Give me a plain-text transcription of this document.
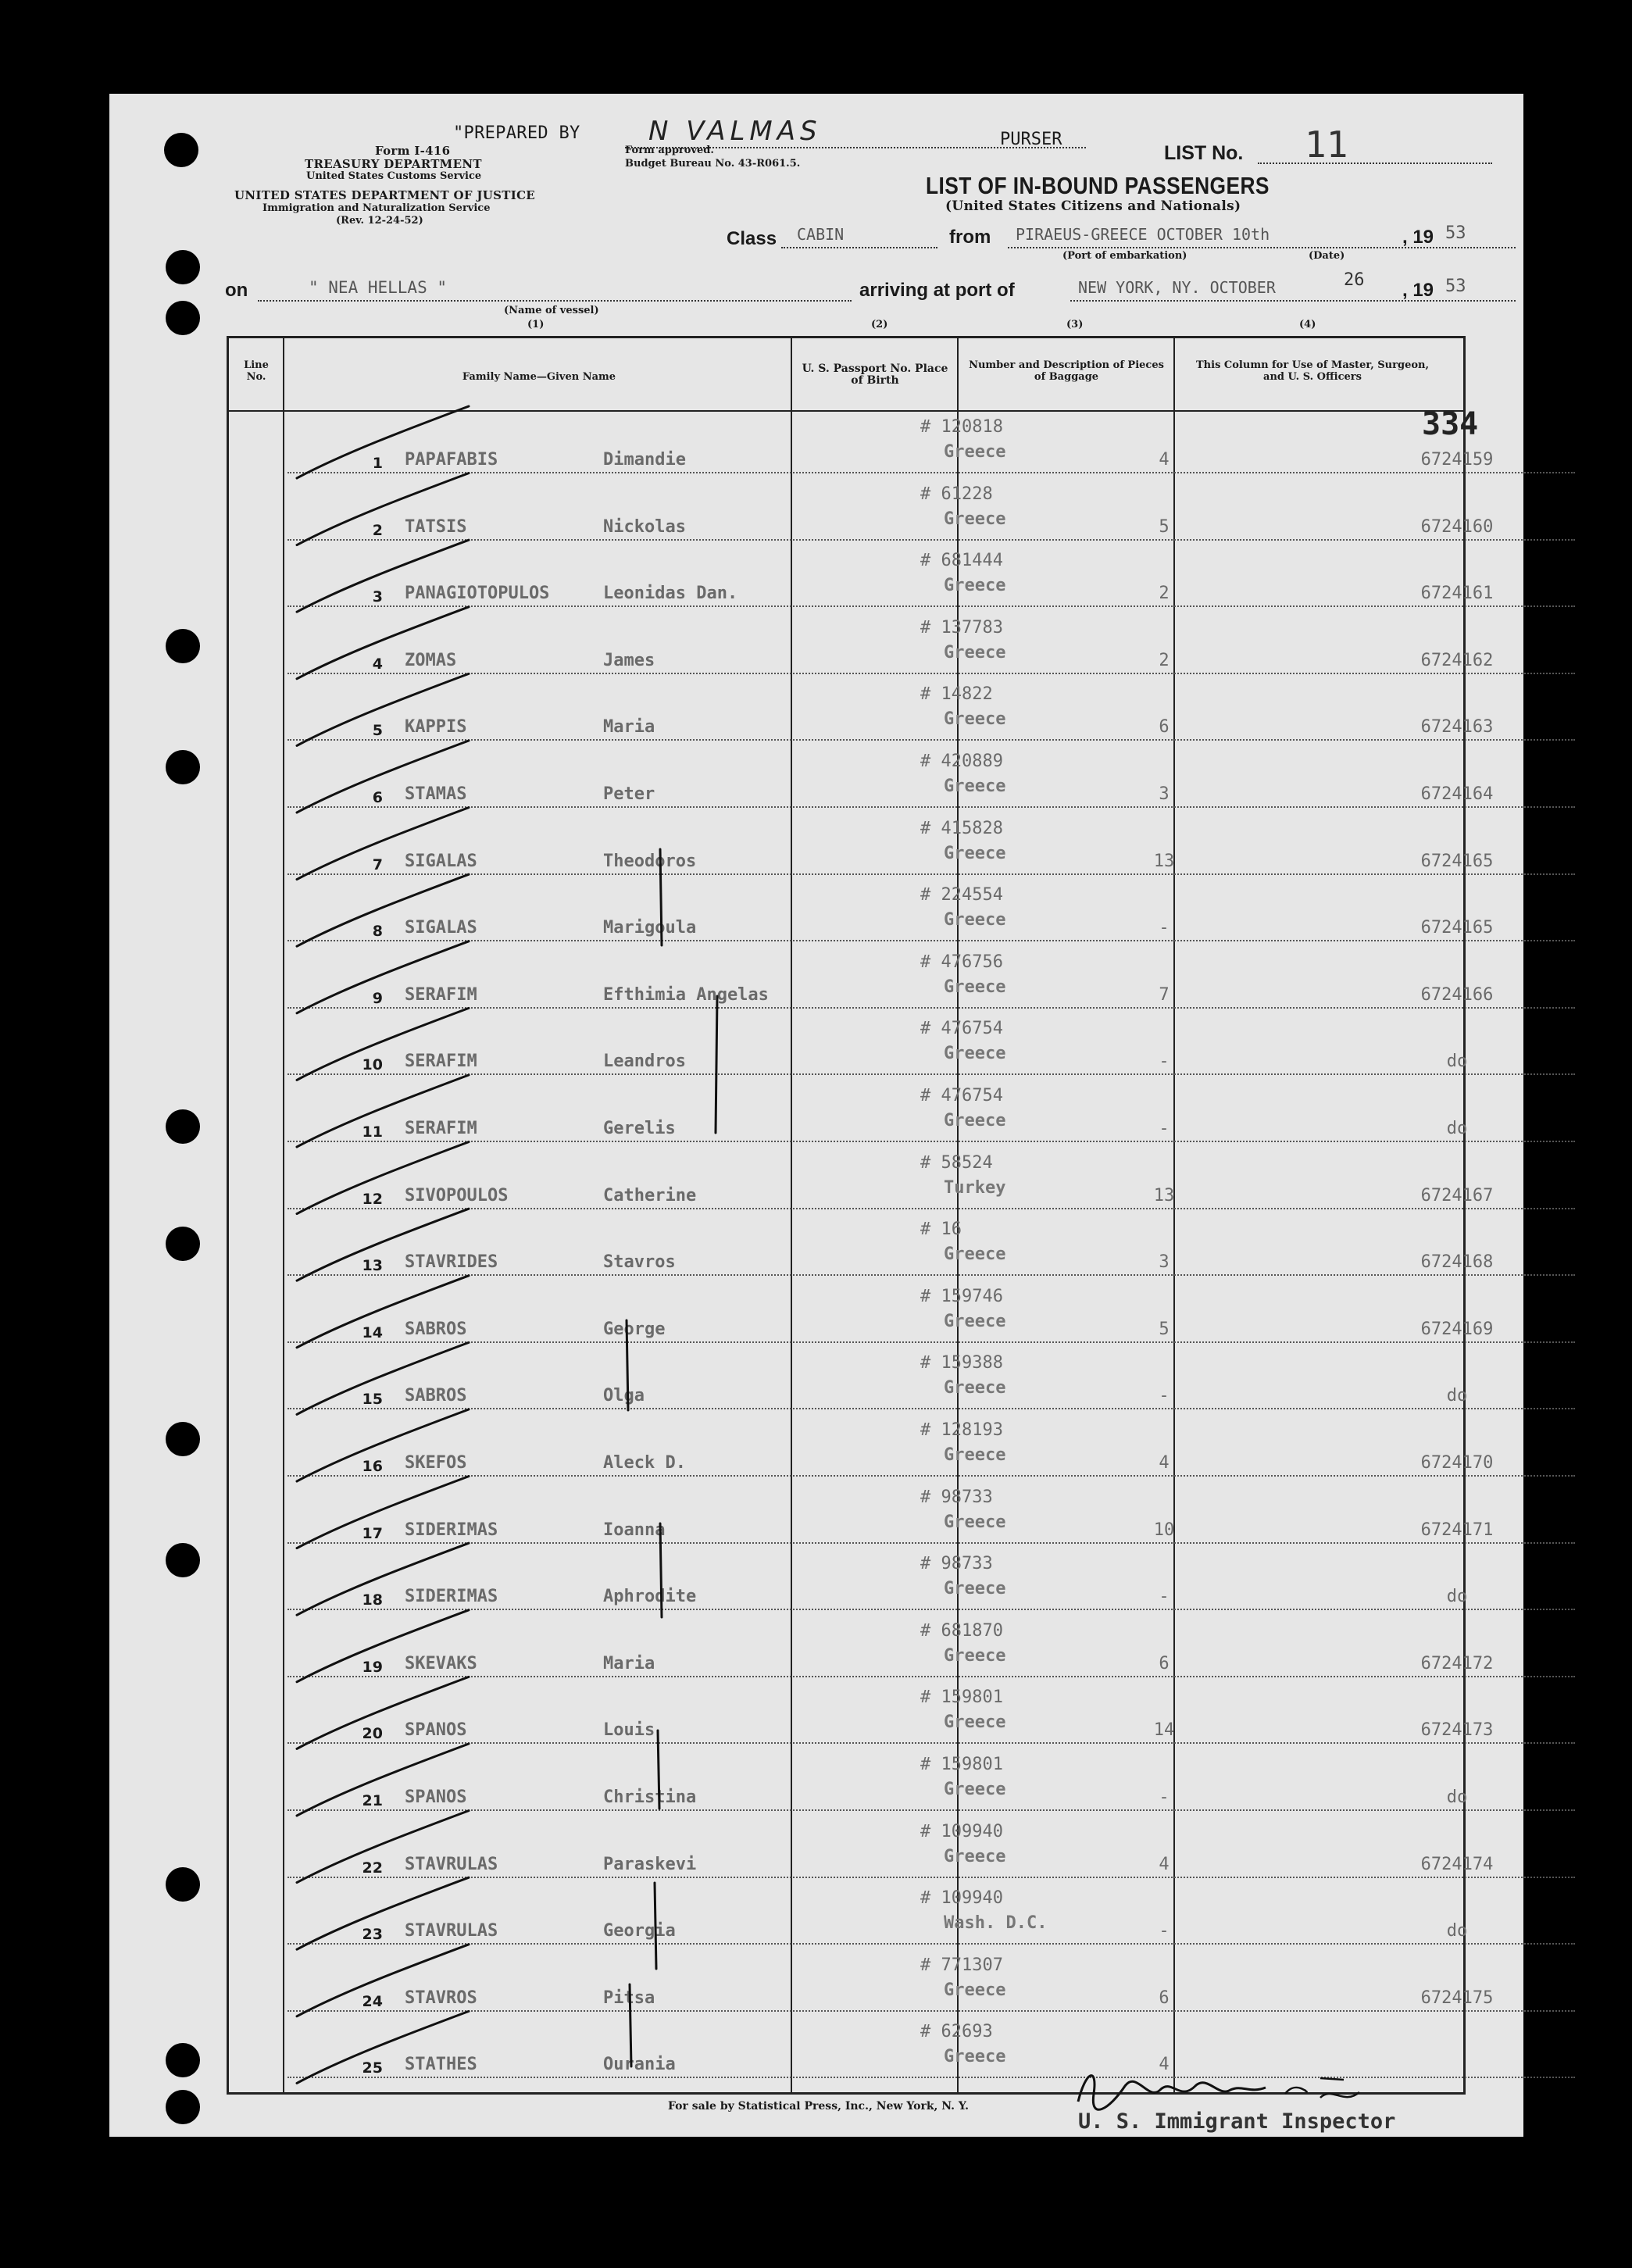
"PREPARED BY	N VALMAS	PURSER
LIST No. 11
Form I-416
TREASURY DEPARTMENT
United States Customs Service
UNITED STATES DEPARTMENT OF JUSTICE
Immigration and Naturalization Service
(Rev. 12-24-52)
Form approved.
Budget Bureau No. 43-R061.5.
LIST OF IN-BOUND PASSENGERS
(United States Citizens and Nationals)
Class CABIN	from PIRAEUS-GREECE OCTOBER 10th	, 19 53
(Port of embarkation)	(Date)
on	" NEA HELLAS "
(Name of vessel)
(1)
arriving at port of	NEW YORK, NY. OCTOBER	26 , 19 53
(2)	(3)	(4)
Line No.	Family Name—Given Name
U. S. Passport No. Place of Birth
Number and Description of Pieces of Baggage
This Column for Use of Master, Surgeon, and U. S. Officers
334
1 PAPAFABIS	Dimandie
# 120818
Greece	4	6724159
2 TATSIS	Nickolas
# 61228
Greece	5	6724160
3 PANAGIOTOPULOS	Leonidas Dan.
# 681444
Greece	2	6724161
4 ZOMAS	James
# 137783
Greece	2	6724162
5 KAPPIS	Maria
# 14822
Greece	6	6724163
6 STAMAS	Peter
# 420889
Greece	3	6724164
7 SIGALAS	Theodoros
# 415828
Greece	13	6724165
8 SIGALAS	Marigoula
# 224554
Greece	-	6724165
9 SERAFIM	Efthimia Angelas
# 476756
Greece	7	6724166
10 SERAFIM	Leandros
# 476754
Greece	-	do
11 SERAFIM	Gerelis
# 476754
Greece	-	do
12 SIVOPOULOS	Catherine
# 58524
Turkey	13	6724167
13 STAVRIDES	Stavros
# 16
Greece	3	6724168
14 SABROS	George
# 159746
Greece	5	6724169
15 SABROS	Olga
# 159388
Greece	-	do
16 SKEFOS	Aleck D.
# 128193
Greece	4	6724170
17 SIDERIMAS	Ioanna
# 98733
Greece	10	6724171
18 SIDERIMAS	Aphrodite
# 98733
Greece	-	do
19 SKEVAKS	Maria
# 681870
Greece	6	6724172
20 SPANOS	Louis
# 159801
Greece	14	6724173
21 SPANOS	Christina
# 159801
Greece	-	do
22 STAVRULAS	Paraskevi
# 109940
Greece	4	6724174
23 STAVRULAS	Georgia
# 109940
Wash. D.C.	-	do
24 STAVROS	Pitsa
# 771307
Greece	6	6724175
25 STATHES	Ourania
# 62693
Greece	4
For sale by Statistical Press, Inc., New York, N. Y.
U. S. Immigrant Inspector
